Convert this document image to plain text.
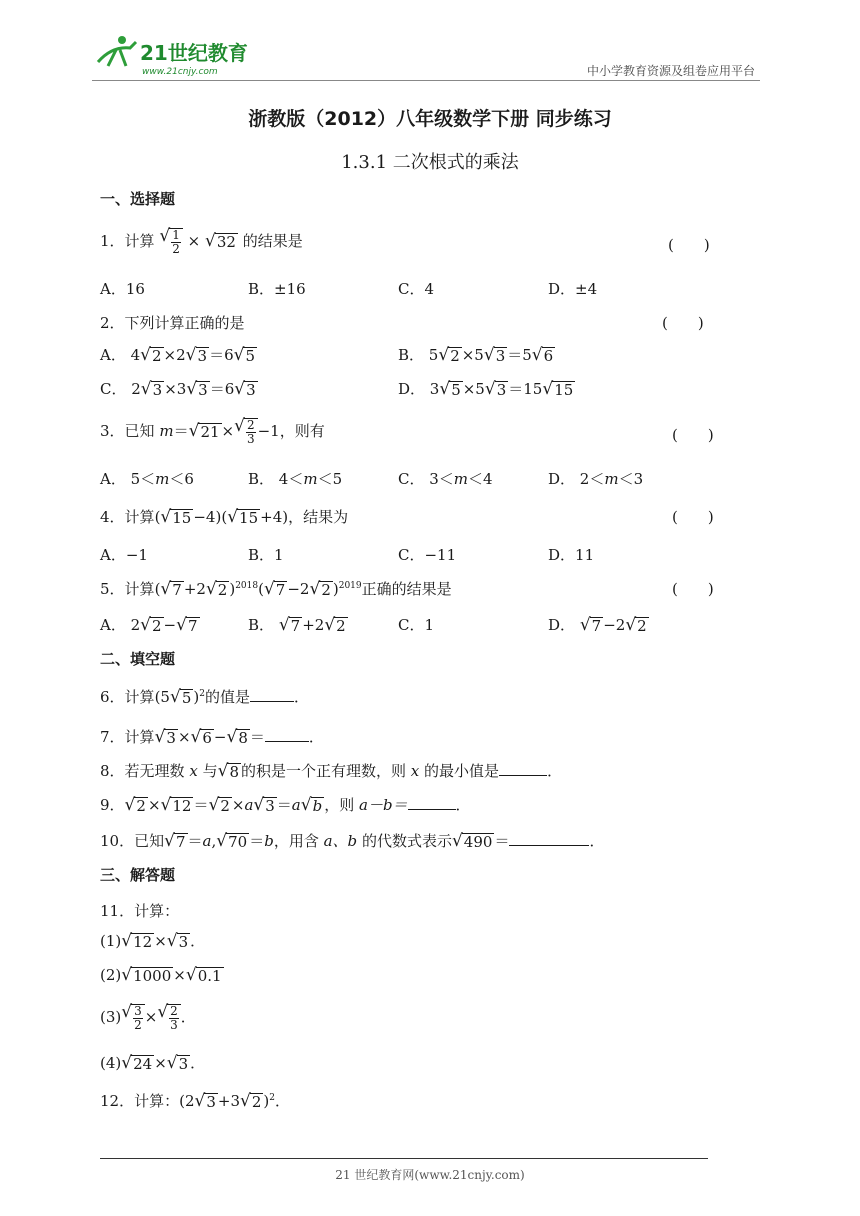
21世纪教育
www.21cnjy.com	中小学教育资源及组卷应用平台
浙教版（2012）八年级数学下册 同步练习
1.3.1 二次根式的乘法
一、选择题
1．计算 √ $\frac{1}{2}$ × √ 32 的结果是	(　　)
A．16	B．±16	C．4	D．±4
2．下列计算正确的是	(　　)
A． 4 √ 2 ×2 √ 3 ＝6 √ 5	B． 5 √ 2 ×5 √ 3 ＝5 √ 6
C． 2 √ 3 ×3 √ 3 ＝6 √ 3	D． 3 √ 5 ×5 √ 3 ＝15 √ 15
3．已知 m＝ √ 21 × √ $\frac{2}{3} -1$，则有	(　　)
A． 5＜m＜6	B． 4＜m＜5	C． 3＜m＜4	D． 2＜m＜3
4．计算( √ 15 −4)( √ 15 +4)，结果为	(　　)
A．−1	B．1	C．−11	D．11
5．计算( √ 7 +2 √ 2 )$^{2018}$( √ 7 −2 √ 2 )$^{2019}$正确的结果是	(　　)
A． 2 √ 2 − √ 7	B． √ 7 +2 √ 2	C．1	D． √ 7 −2 √ 2
二、填空题
6．计算(5 √ 5 )$^2$的值是	．
7．计算 √ 3 × √ 6 − √ 8 ＝	．
8．若无理数 x 与 √ 8 的积是一个正有理数，则 x 的最小值是	．
9． √ 2 × √ 12 ＝ √ 2 ×a √ 3 ＝a √ b ，则 a－b＝	．
10．已知 √ 7 ＝a, √ 70 ＝b，用含 a、b 的代数式表示 √ 490 ＝	．
三、解答题
11．计算：
(1) √ 12 × √ 3 ．
(2) √ 1000 × √ 0.1
(3) √ $\frac{3}{2}$ × √ $\frac{2}{3}$ ．
(4) √ 24 × √ 3 ．
12．计算：(2 √ 3 +3 √ 2 )$^2$．
21 世纪教育网(www.21cnjy.com)
